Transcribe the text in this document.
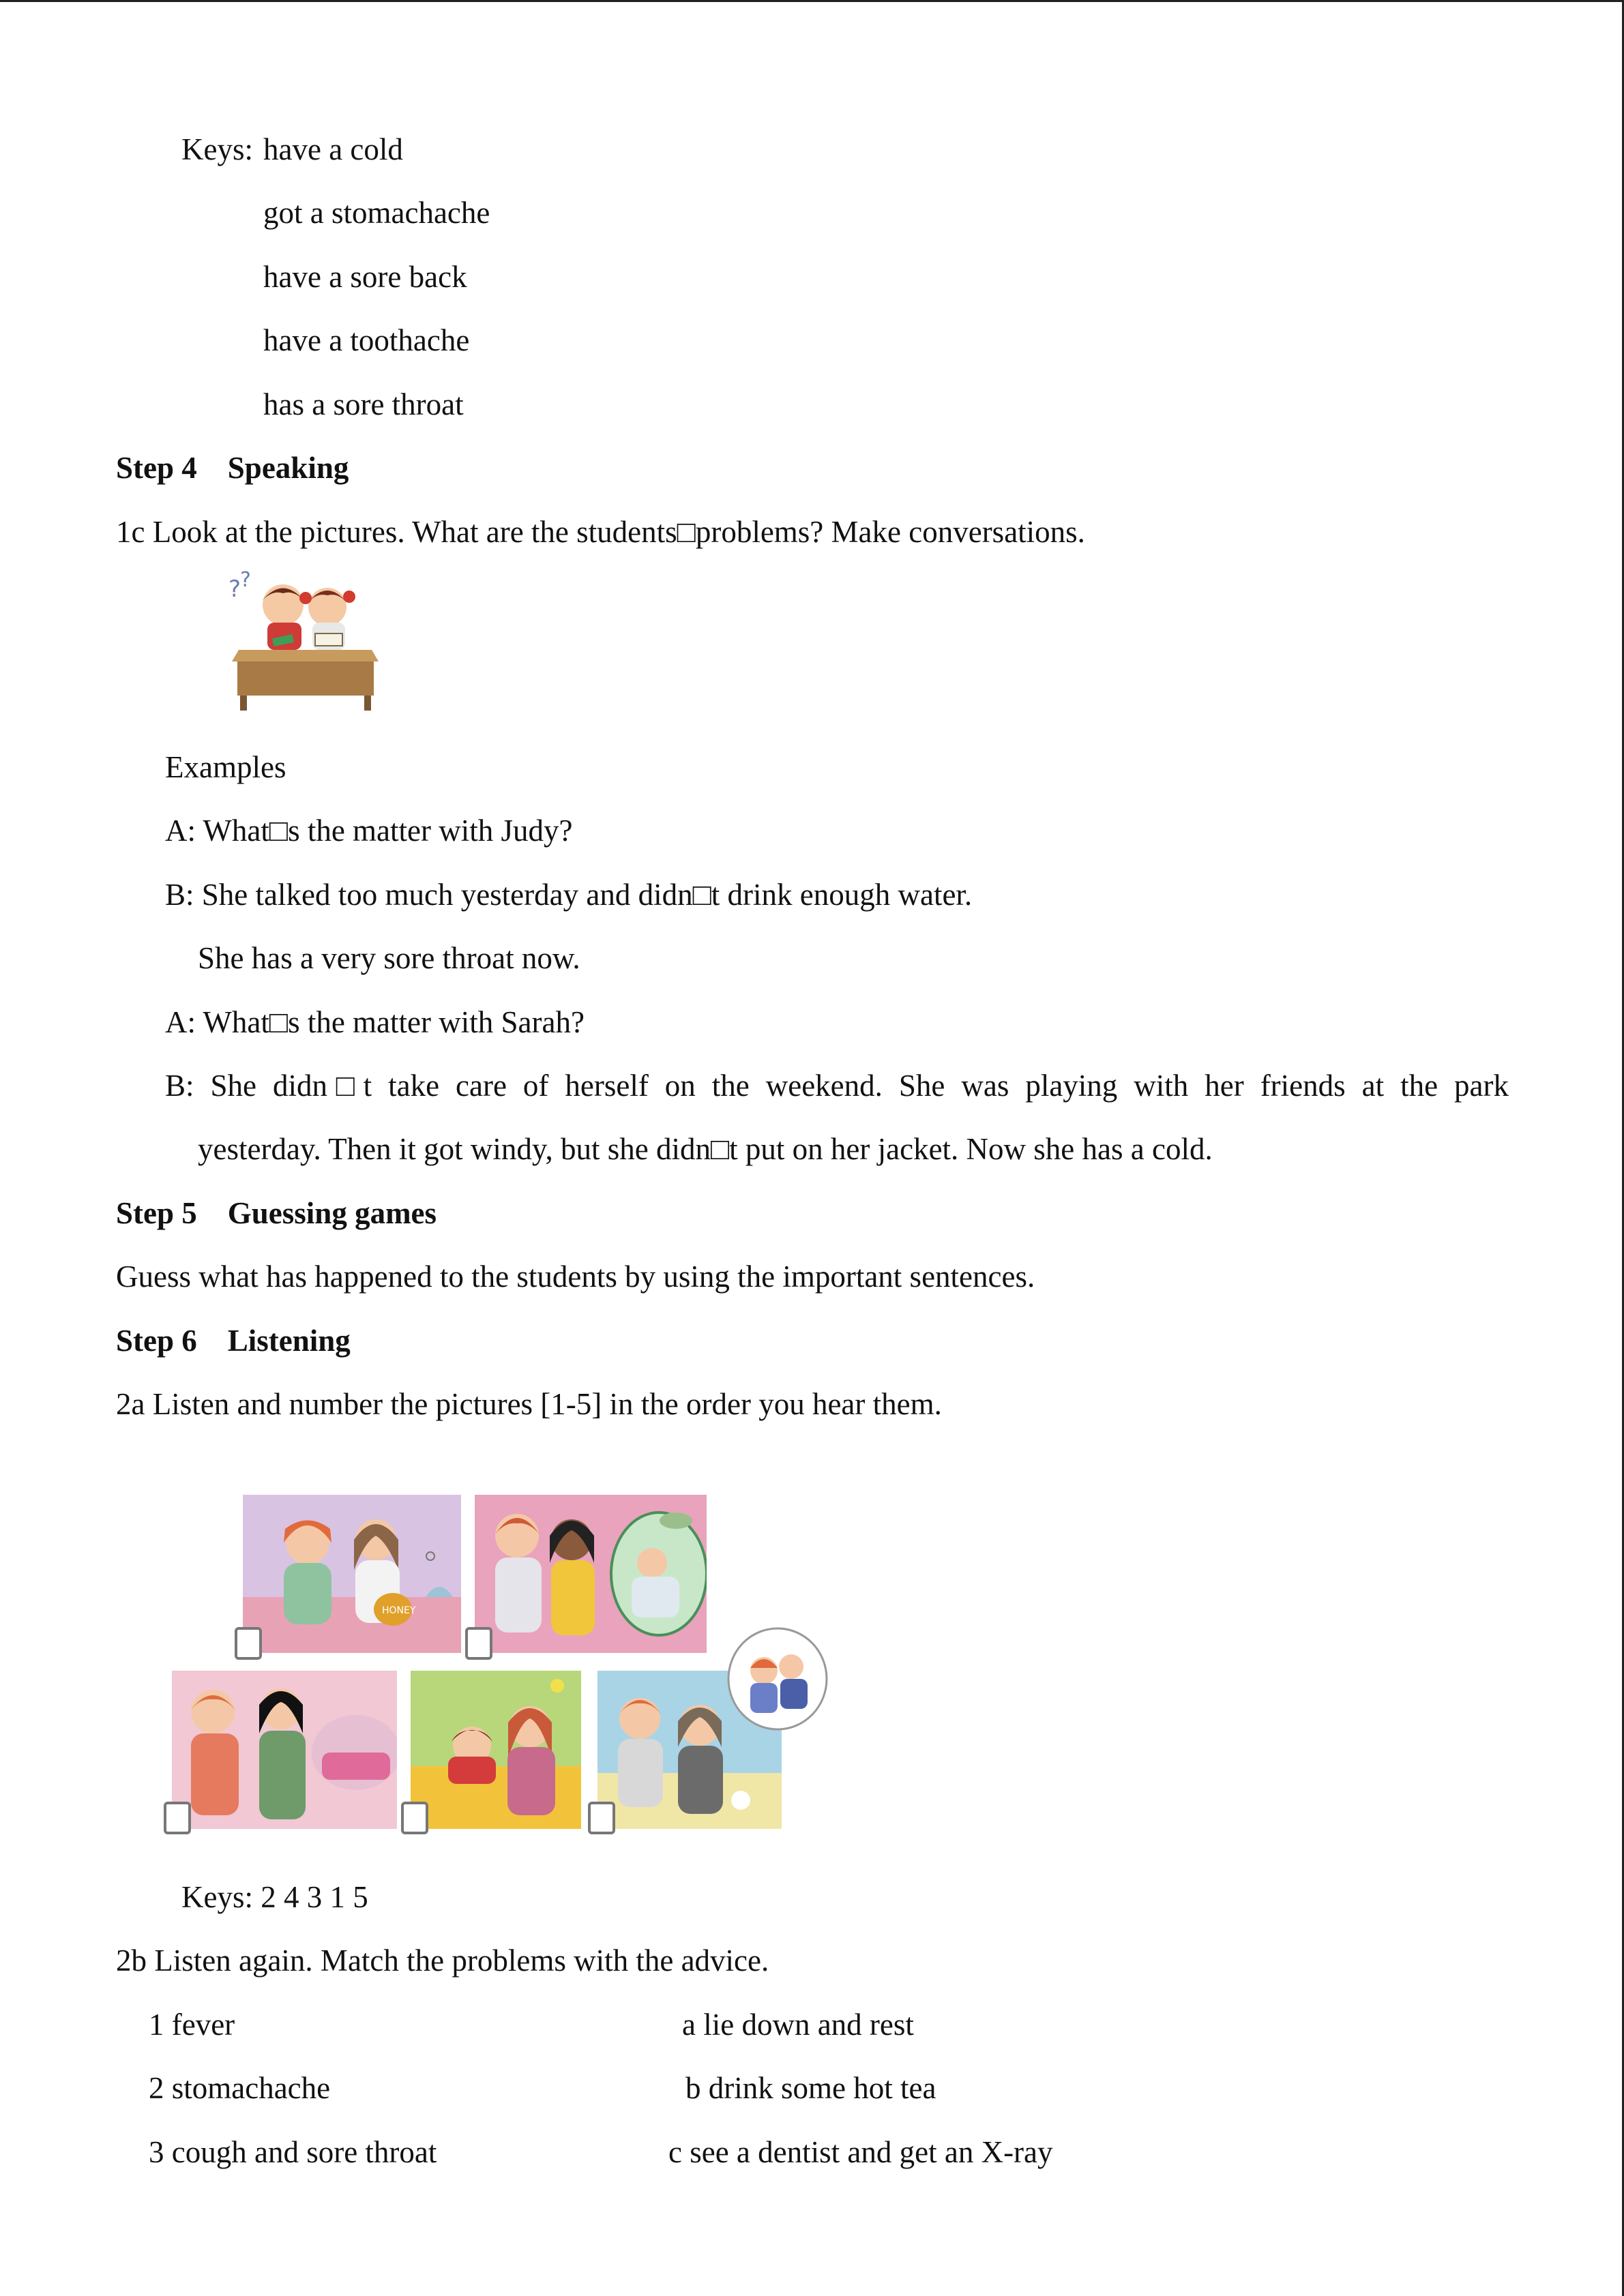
Keys: have a cold
got a stomachache
have a sore back
have a toothache
has a sore throat
Step 4    Speaking
1c Look at the pictures. What are the students□problems? Make conversations.
?
?
Examples
A: What□s the matter with Judy?
B: She talked too much yesterday and didn□t drink enough water.
She has a very sore throat now.
A: What□s the matter with Sarah?
B: She didn□t take care of herself on the weekend. She was playing with her friends at the park
yesterday. Then it got windy, but she didn□t put on her jacket. Now she has a cold.
Step 5    Guessing games
Guess what has happened to the students by using the important sentences.
Step 6    Listening
2a Listen and number the pictures [1-5] in the order you hear them.
HONEY
Keys: 2 4 3 1 5
2b Listen again. Match the problems with the advice.
1 fever
2 stomachache
3 cough and sore throat
a lie down and rest
b drink some hot tea
c see a dentist and get an X-ray
